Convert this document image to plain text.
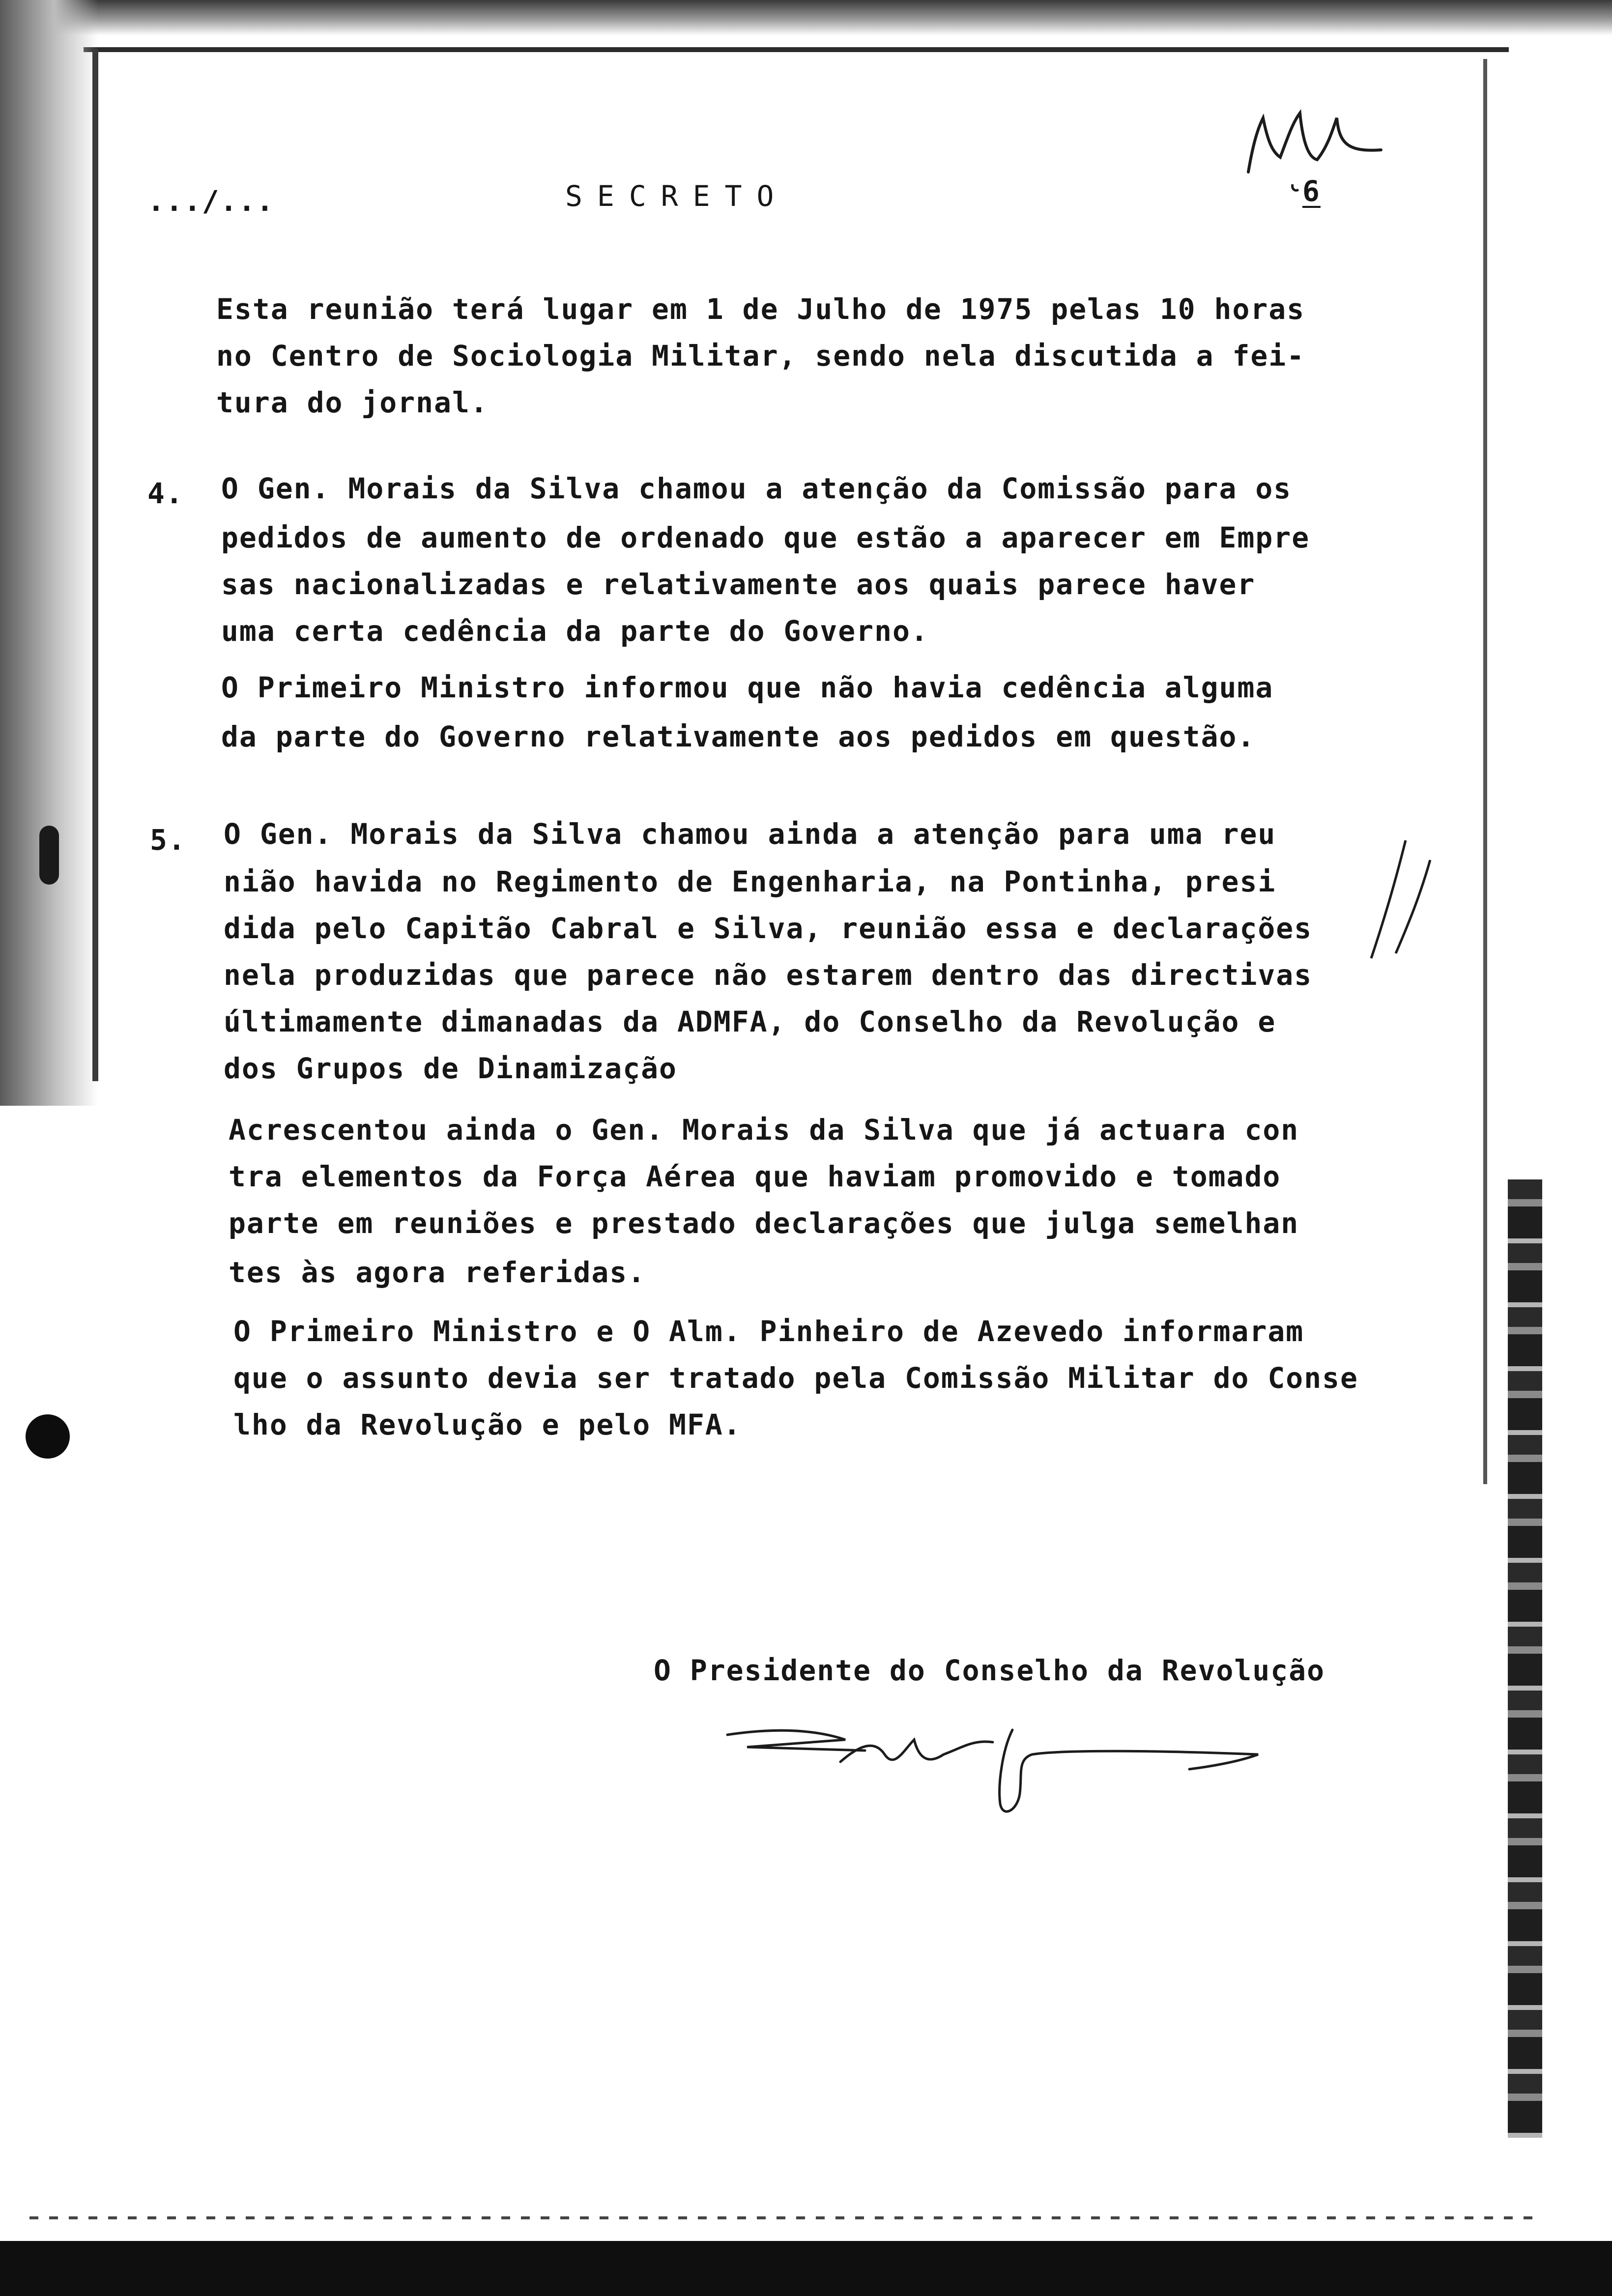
.../...	SECRETO	6
Esta reunião terá lugar em 1 de Julho de 1975 pelas 10 horas
no Centro de Sociologia Militar, sendo nela discutida a fei-
tura do jornal.
4. O Gen. Morais da Silva chamou a atenção da Comissão para os
pedidos de aumento de ordenado que estão a aparecer em Empre
sas nacionalizadas e relativamente aos quais parece haver
uma certa cedência da parte do Governo.
O Primeiro Ministro informou que não havia cedência alguma
da parte do Governo relativamente aos pedidos em questão.
5. O Gen. Morais da Silva chamou ainda a atenção para uma reu
nião havida no Regimento de Engenharia, na Pontinha, presi
dida pelo Capitão Cabral e Silva, reunião essa e declarações
nela produzidas que parece não estarem dentro das directivas
últimamente dimanadas da ADMFA, do Conselho da Revolução e
dos Grupos de Dinamização
Acrescentou ainda o Gen. Morais da Silva que já actuara con
tra elementos da Força Aérea que haviam promovido e tomado
parte em reuniões e prestado declarações que julga semelhan
tes às agora referidas.
O Primeiro Ministro e O Alm. Pinheiro de Azevedo informaram
que o assunto devia ser tratado pela Comissão Militar do Conse
lho da Revolução e pelo MFA.
O Presidente do Conselho da Revolução
